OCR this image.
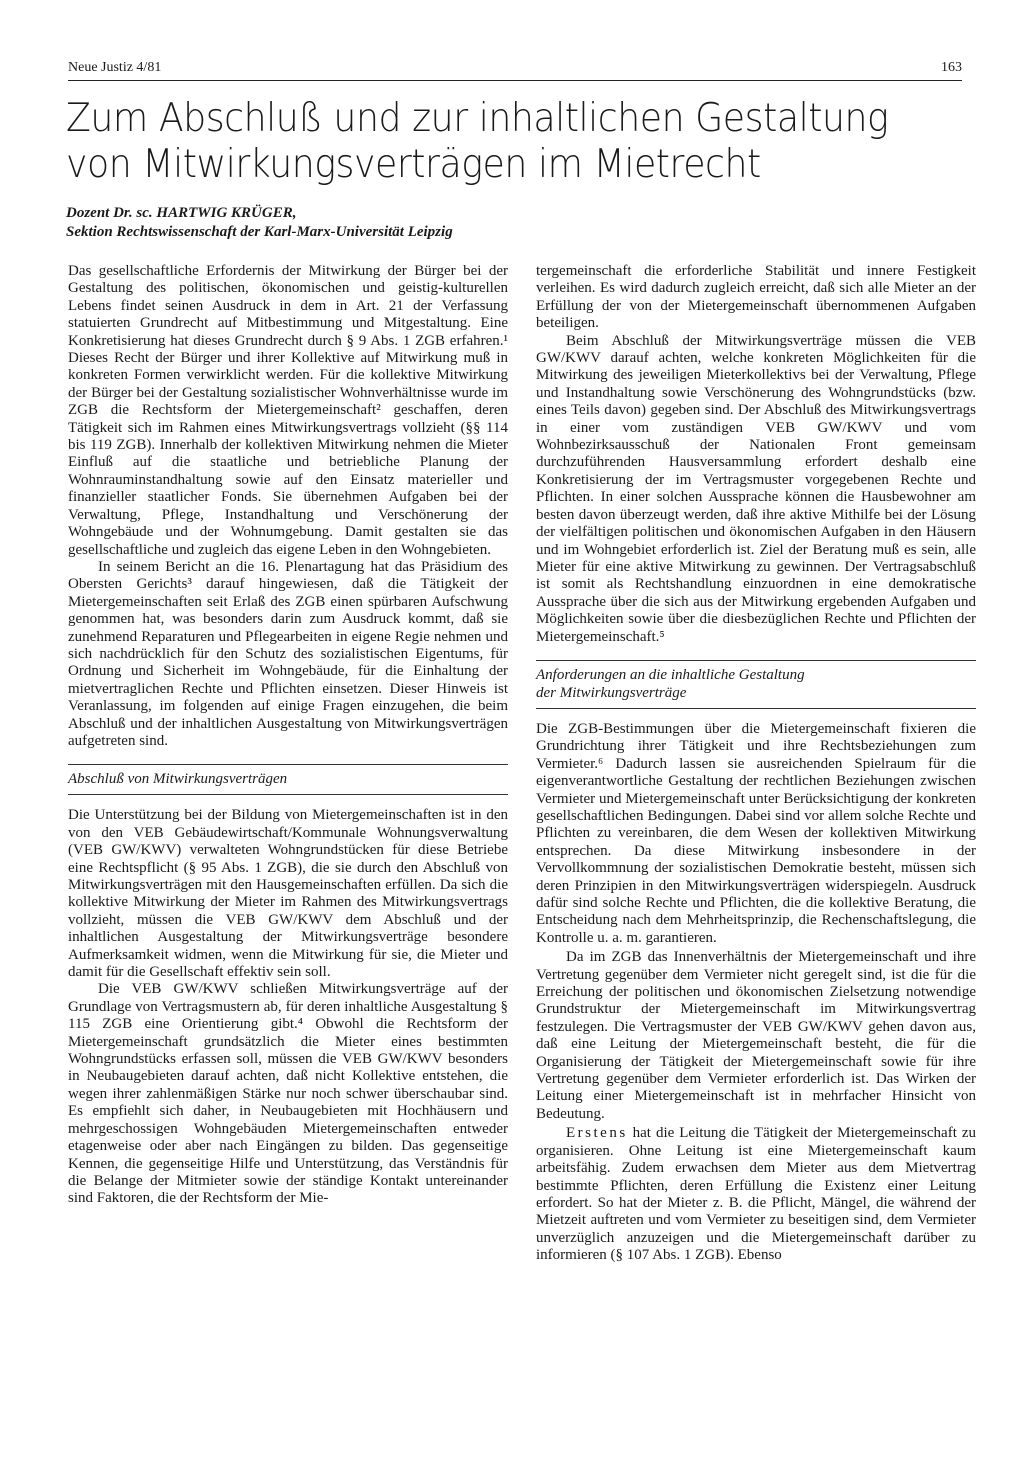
Neue Justiz 4/81	163
Zum Abschluß und zur inhaltlichen Gestaltung
von Mitwirkungsverträgen im Mietrecht
Dozent Dr. sc. HARTWIG KRÜGER,
Sektion Rechtswissenschaft der Karl-Marx-Universität Leipzig

Das gesellschaftliche Erfordernis der Mitwirkung der Bürger bei der Gestaltung des politischen, ökonomischen und geistig-kulturellen Lebens findet seinen Ausdruck in dem in Art. 21 der Verfassung statuierten Grundrecht auf Mitbestimmung und Mitgestaltung. Eine Konkretisierung hat dieses Grundrecht durch § 9 Abs. 1 ZGB erfahren.¹ Dieses Recht der Bürger und ihrer Kollektive auf Mitwirkung muß in konkreten Formen verwirklicht werden. Für die kollektive Mitwirkung der Bürger bei der Gestaltung sozialistischer Wohnverhältnisse wurde im ZGB die Rechtsform der Mietergemeinschaft² geschaffen, deren Tätigkeit sich im Rahmen eines Mitwirkungsvertrags vollzieht (§§ 114 bis 119 ZGB). Innerhalb der kollektiven Mitwirkung nehmen die Mieter Einfluß auf die staatliche und betriebliche Planung der Wohnrauminstandhaltung sowie auf den Einsatz materieller und finanzieller staatlicher Fonds. Sie übernehmen Aufgaben bei der Verwaltung, Pflege, Instandhaltung und Verschönerung der Wohngebäude und der Wohnumgebung. Damit gestalten sie das gesellschaftliche und zugleich das eigene Leben in den Wohngebieten.

In seinem Bericht an die 16. Plenartagung hat das Präsidium des Obersten Gerichts³ darauf hingewiesen, daß die Tätigkeit der Mietergemeinschaften seit Erlaß des ZGB einen spürbaren Aufschwung genommen hat, was besonders darin zum Ausdruck kommt, daß sie zunehmend Reparaturen und Pflegearbeiten in eigene Regie nehmen und sich nachdrücklich für den Schutz des sozialistischen Eigentums, für Ordnung und Sicherheit im Wohngebäude, für die Einhaltung der mietvertraglichen Rechte und Pflichten einsetzen. Dieser Hinweis ist Veranlassung, im folgenden auf einige Fragen einzugehen, die beim Abschluß und der inhaltlichen Ausgestaltung von Mitwirkungsverträgen aufgetreten sind.

Abschluß von Mitwirkungsverträgen

Die Unterstützung bei der Bildung von Mietergemeinschaften ist in den von den VEB Gebäudewirtschaft/Kommunale Wohnungsverwaltung (VEB GW/KWV) verwalteten Wohngrundstücken für diese Betriebe eine Rechtspflicht (§ 95 Abs. 1 ZGB), die sie durch den Abschluß von Mitwirkungsverträgen mit den Hausgemeinschaften erfüllen. Da sich die kollektive Mitwirkung der Mieter im Rahmen des Mitwirkungsvertrags vollzieht, müssen die VEB GW/KWV dem Abschluß und der inhaltlichen Ausgestaltung der Mitwirkungsverträge besondere Aufmerksamkeit widmen, wenn die Mitwirkung für sie, die Mieter und damit für die Gesellschaft effektiv sein soll.

Die VEB GW/KWV schließen Mitwirkungsverträge auf der Grundlage von Vertragsmustern ab, für deren inhaltliche Ausgestaltung § 115 ZGB eine Orientierung gibt.⁴ Obwohl die Rechtsform der Mietergemeinschaft grundsätzlich die Mieter eines bestimmten Wohngrundstücks erfassen soll, müssen die VEB GW/KWV besonders in Neubaugebieten darauf achten, daß nicht Kollektive entstehen, die wegen ihrer zahlenmäßigen Stärke nur noch schwer überschaubar sind. Es empfiehlt sich daher, in Neubaugebieten mit Hochhäusern und mehrgeschossigen Wohngebäuden Mietergemeinschaften entweder etagenweise oder aber nach Eingängen zu bilden. Das gegenseitige Kennen, die gegenseitige Hilfe und Unterstützung, das Verständnis für die Belange der Mitmieter sowie der ständige Kontakt untereinander sind Faktoren, die der Rechtsform der Mie-

tergemeinschaft die erforderliche Stabilität und innere Festigkeit verleihen. Es wird dadurch zugleich erreicht, daß sich alle Mieter an der Erfüllung der von der Mietergemeinschaft übernommenen Aufgaben beteiligen.

Beim Abschluß der Mitwirkungsverträge müssen die VEB GW/KWV darauf achten, welche konkreten Möglichkeiten für die Mitwirkung des jeweiligen Mieterkollektivs bei der Verwaltung, Pflege und Instandhaltung sowie Verschönerung des Wohngrundstücks (bzw. eines Teils davon) gegeben sind. Der Abschluß des Mitwirkungsvertrags in einer vom zuständigen VEB GW/KWV und vom Wohnbezirksausschuß der Nationalen Front gemeinsam durchzuführenden Hausversammlung erfordert deshalb eine Konkretisierung der im Vertragsmuster vorgegebenen Rechte und Pflichten. In einer solchen Aussprache können die Hausbewohner am besten davon überzeugt werden, daß ihre aktive Mithilfe bei der Lösung der vielfältigen politischen und ökonomischen Aufgaben in den Häusern und im Wohngebiet erforderlich ist. Ziel der Beratung muß es sein, alle Mieter für eine aktive Mitwirkung zu gewinnen. Der Vertragsabschluß ist somit als Rechtshandlung einzuordnen in eine demokratische Aussprache über die sich aus der Mitwirkung ergebenden Aufgaben und Möglichkeiten sowie über die diesbezüglichen Rechte und Pflichten der Mietergemeinschaft.⁵

Anforderungen an die inhaltliche Gestaltung
der Mitwirkungsverträge

Die ZGB-Bestimmungen über die Mietergemeinschaft fixieren die Grundrichtung ihrer Tätigkeit und ihre Rechtsbeziehungen zum Vermieter.⁶ Dadurch lassen sie ausreichenden Spielraum für die eigenverantwortliche Gestaltung der rechtlichen Beziehungen zwischen Vermieter und Mietergemeinschaft unter Berücksichtigung der konkreten gesellschaftlichen Bedingungen. Dabei sind vor allem solche Rechte und Pflichten zu vereinbaren, die dem Wesen der kollektiven Mitwirkung entsprechen. Da diese Mitwirkung insbesondere in der Vervollkommnung der sozialistischen Demokratie besteht, müssen sich deren Prinzipien in den Mitwirkungsverträgen widerspiegeln. Ausdruck dafür sind solche Rechte und Pflichten, die die kollektive Beratung, die Entscheidung nach dem Mehrheitsprinzip, die Rechenschaftslegung, die Kontrolle u. a. m. garantieren.

Da im ZGB das Innenverhältnis der Mietergemeinschaft und ihre Vertretung gegenüber dem Vermieter nicht geregelt sind, ist die für die Erreichung der politischen und ökonomischen Zielsetzung notwendige Grundstruktur der Mietergemeinschaft im Mitwirkungsvertrag festzulegen. Die Vertragsmuster der VEB GW/KWV gehen davon aus, daß eine Leitung der Mietergemeinschaft besteht, die für die Organisierung der Tätigkeit der Mietergemeinschaft sowie für ihre Vertretung gegenüber dem Vermieter erforderlich ist. Das Wirken der Leitung einer Mietergemeinschaft ist in mehrfacher Hinsicht von Bedeutung.

Erstens hat die Leitung die Tätigkeit der Mietergemeinschaft zu organisieren. Ohne Leitung ist eine Mietergemeinschaft kaum arbeitsfähig. Zudem erwachsen dem Mieter aus dem Mietvertrag bestimmte Pflichten, deren Erfüllung die Existenz einer Leitung erfordert. So hat der Mieter z. B. die Pflicht, Mängel, die während der Mietzeit auftreten und vom Vermieter zu beseitigen sind, dem Vermieter unverzüglich anzuzeigen und die Mietergemeinschaft darüber zu informieren (§ 107 Abs. 1 ZGB). Ebenso
